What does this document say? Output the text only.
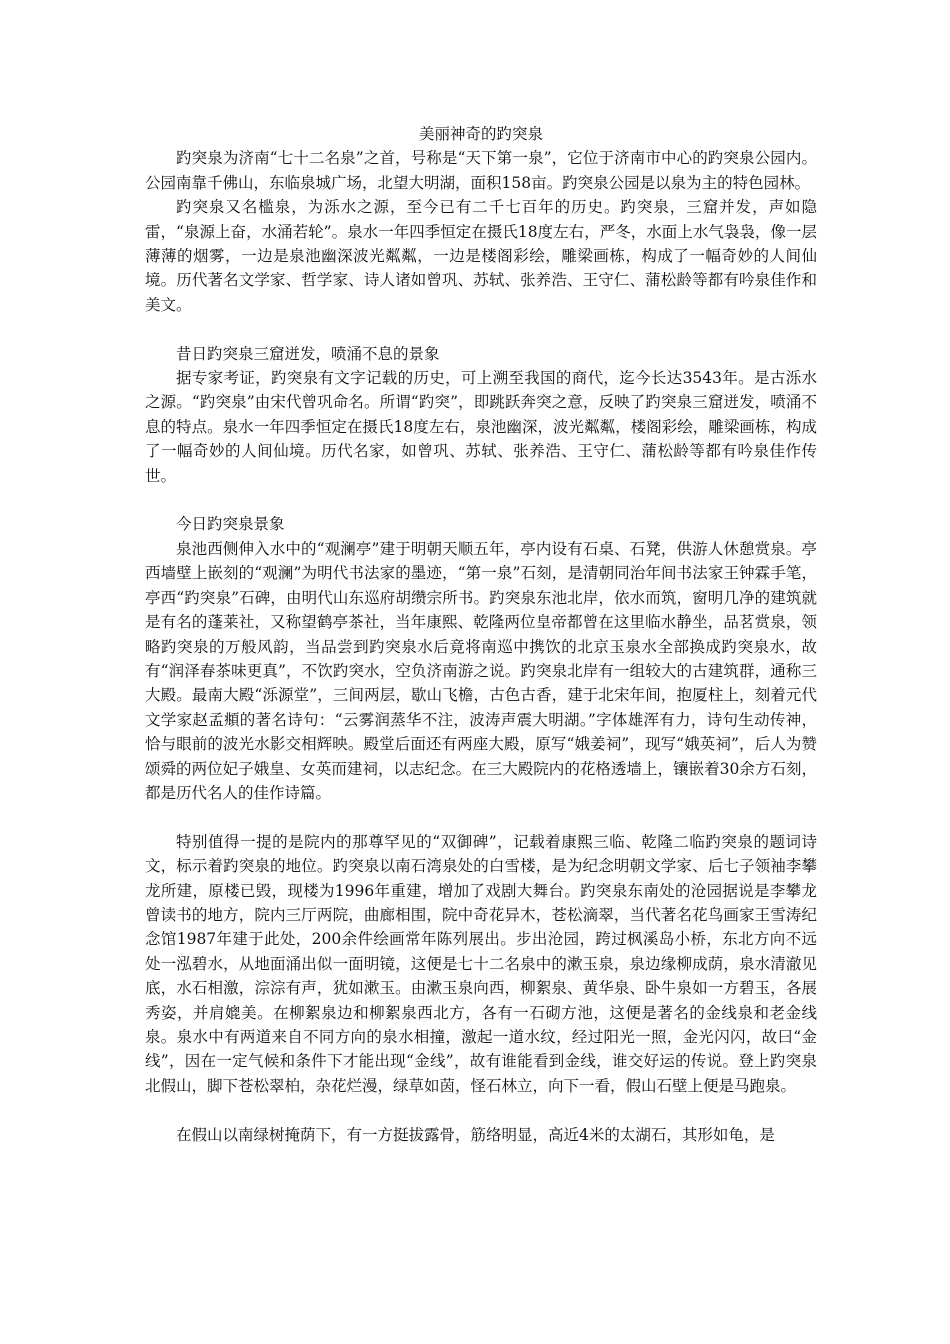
美丽神奇的趵突泉

趵突泉为济南“七十二名泉”之首，号称是“天下第一泉”，它位于济南市中心的趵突泉公园内。公园南靠千佛山，东临泉城广场，北望大明湖，面积158亩。趵突泉公园是以泉为主的特色园林。

趵突泉又名槛泉，为泺水之源，至今已有二千七百年的历史。趵突泉，三窟并发，声如隐雷，“泉源上奋，水涌若轮”。泉水一年四季恒定在摄氏18度左右，严冬，水面上水气袅袅，像一层薄薄的烟雾，一边是泉池幽深波光粼粼，一边是楼阁彩绘，雕梁画栋，构成了一幅奇妙的人间仙境。历代著名文学家、哲学家、诗人诸如曾巩、苏轼、张养浩、王守仁、蒲松龄等都有吟泉佳作和美文。

昔日趵突泉三窟迸发，喷涌不息的景象

据专家考证，趵突泉有文字记载的历史，可上溯至我国的商代，迄今长达3543年。是古泺水之源。“趵突泉”由宋代曾巩命名。所谓“趵突”，即跳跃奔突之意，反映了趵突泉三窟迸发，喷涌不息的特点。泉水一年四季恒定在摄氏18度左右，泉池幽深，波光粼粼，楼阁彩绘，雕梁画栋，构成了一幅奇妙的人间仙境。历代名家，如曾巩、苏轼、张养浩、王守仁、蒲松龄等都有吟泉佳作传世。

今日趵突泉景象

泉池西侧伸入水中的“观澜亭”建于明朝天顺五年，亭内设有石桌、石凳，供游人休憩赏泉。亭西墙壁上嵌刻的“观澜”为明代书法家的墨迹，“第一泉”石刻，是清朝同治年间书法家王钟霖手笔，亭西“趵突泉”石碑，由明代山东巡府胡缵宗所书。趵突泉东池北岸，依水而筑，窗明几净的建筑就是有名的蓬莱社，又称望鹤亭茶社，当年康熙、乾隆两位皇帝都曾在这里临水静坐，品茗赏泉，领略趵突泉的万般风韵，当品尝到趵突泉水后竟将南巡中携饮的北京玉泉水全部换成趵突泉水，故有“润泽春茶味更真”，不饮趵突水，空负济南游之说。趵突泉北岸有一组较大的古建筑群，通称三大殿。最南大殿“泺源堂”，三间两层，歇山飞檐，古色古香，建于北宋年间，抱厦柱上，刻着元代文学家赵孟頫的著名诗句：“云雾润蒸华不注，波涛声震大明湖。”字体雄浑有力，诗句生动传神，恰与眼前的波光水影交相辉映。殿堂后面还有两座大殿，原写“娥姜祠”，现写“娥英祠”，后人为赞颂舜的两位妃子娥皇、女英而建祠，以志纪念。在三大殿院内的花格透墙上，镶嵌着30余方石刻，都是历代名人的佳作诗篇。

特别值得一提的是院内的那尊罕见的“双御碑”，记载着康熙三临、乾隆二临趵突泉的题词诗文，标示着趵突泉的地位。趵突泉以南石湾泉处的白雪楼，是为纪念明朝文学家、后七子领袖李攀龙所建，原楼已毁，现楼为1996年重建，增加了戏剧大舞台。趵突泉东南处的沧园据说是李攀龙曾读书的地方，院内三厅两院，曲廊相围，院中奇花异木，苍松滴翠，当代著名花鸟画家王雪涛纪念馆1987年建于此处，200余件绘画常年陈列展出。步出沧园，跨过枫溪岛小桥，东北方向不远处一泓碧水，从地面涌出似一面明镜，这便是七十二名泉中的漱玉泉，泉边缘柳成荫，泉水清澈见底，水石相激，淙淙有声，犹如漱玉。由漱玉泉向西，柳絮泉、黄华泉、卧牛泉如一方碧玉，各展秀姿，并肩媲美。在柳絮泉边和柳絮泉西北方，各有一石砌方池，这便是著名的金线泉和老金线泉。泉水中有两道来自不同方向的泉水相撞，激起一道水纹，经过阳光一照，金光闪闪，故曰“金线”，因在一定气候和条件下才能出现“金线”，故有谁能看到金线，谁交好运的传说。登上趵突泉北假山，脚下苍松翠柏，杂花烂漫，绿草如茵，怪石林立，向下一看，假山石壁上便是马跑泉。

在假山以南绿树掩荫下，有一方挺拔露骨，筋络明显，高近4米的太湖石，其形如龟，是
